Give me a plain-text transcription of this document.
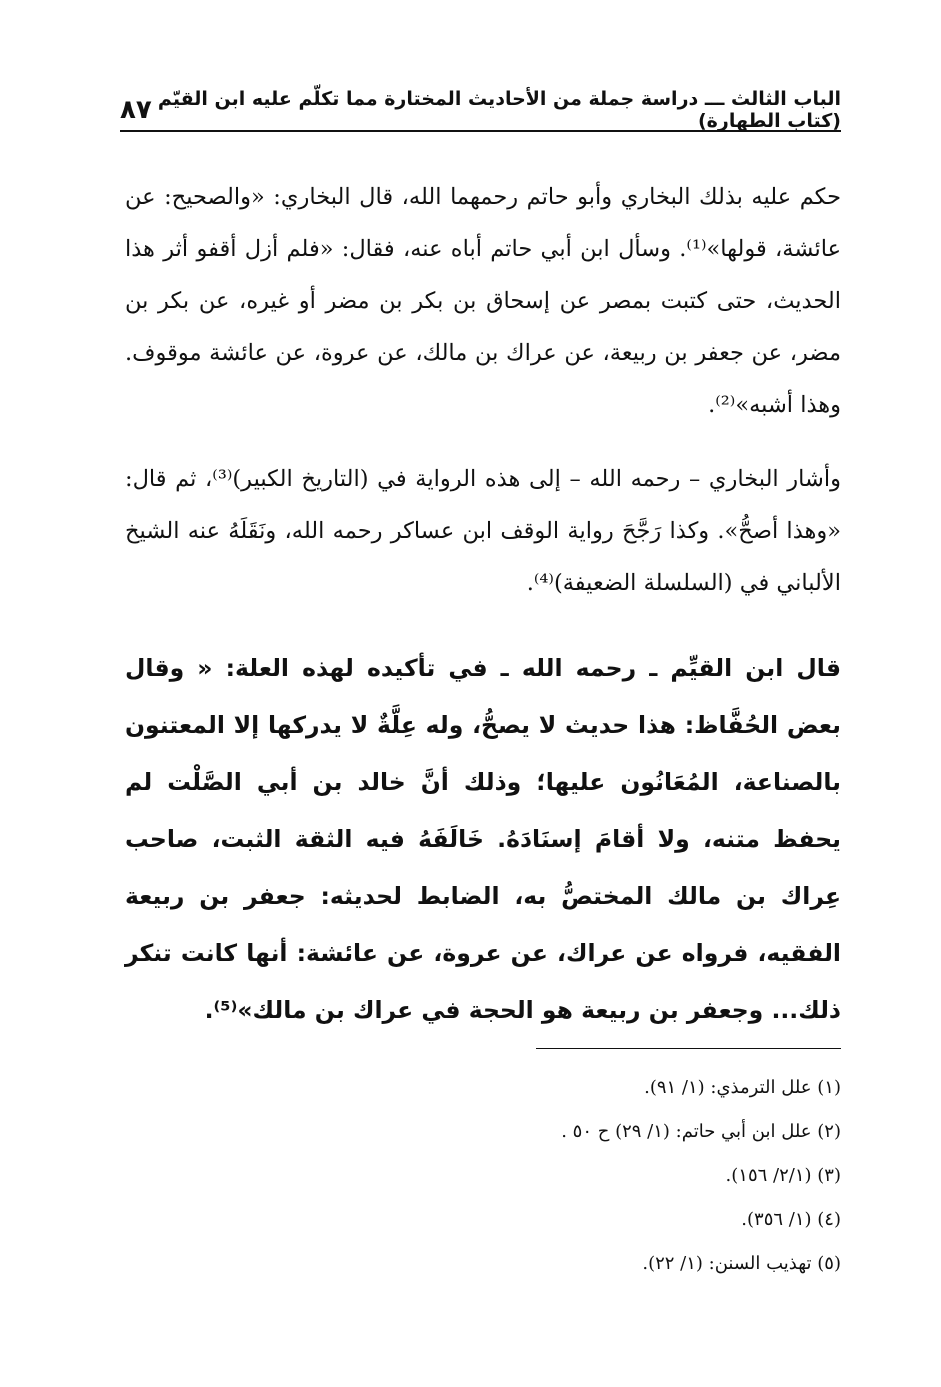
الباب الثالث ـــ دراسة جملة من الأحاديث المختارة مما تكلّم عليه ابن القيّم (كتاب الطهارة)
٨٧

حكم عليه بذلك البخاري وأبو حاتم رحمهما الله، قال البخاري: «والصحيح: عن عائشة، قولها»⁽¹⁾. وسأل ابن أبي حاتم أباه عنه، فقال: «فلم أزل أقفو أثر هذا الحديث، حتى كتبت بمصر عن إسحاق بن بكر بن مضر أو غيره، عن بكر بن مضر، عن جعفر بن ربيعة، عن عراك بن مالك، عن عروة، عن عائشة موقوف. وهذا أشبه»⁽²⁾.

وأشار البخاري – رحمه الله – إلى هذه الرواية في (التاريخ الكبير)⁽³⁾، ثم قال: «وهذا أصحُّ». وكذا رَجَّحَ رواية الوقف ابن عساكر رحمه الله، ونَقَلَهُ عنه الشيخ الألباني في (السلسلة الضعيفة)⁽⁴⁾.

قال ابن القيِّم ـ رحمه الله ـ في تأكيده لهذه العلة: « وقال بعض الحُفَّاظ: هذا حديث لا يصحُّ، وله عِلَّةٌ لا يدركها إلا المعتنون بالصناعة، المُعَانُون عليها؛ وذلك أنَّ خالد بن أبي الصَّلْت لم يحفظ متنه، ولا أقامَ إسنَادَهُ. خَالَفَهُ فيه الثقة الثبت، صاحب عِراك بن مالك المختصُّ به، الضابط لحديثه: جعفر بن ربيعة الفقيه، فرواه عن عراك، عن عروة، عن عائشة: أنها كانت تنكر ذلك... وجعفر بن ربيعة هو الحجة في عراك بن مالك»⁽⁵⁾.

(١) علل الترمذي: (١/ ٩١).
(٢) علل ابن أبي حاتم: (١/ ٢٩) ح ٥٠ .
(٣) (٢/١/ ١٥٦).
(٤) (١/ ٣٥٦).
(٥) تهذيب السنن: (١/ ٢٢).
